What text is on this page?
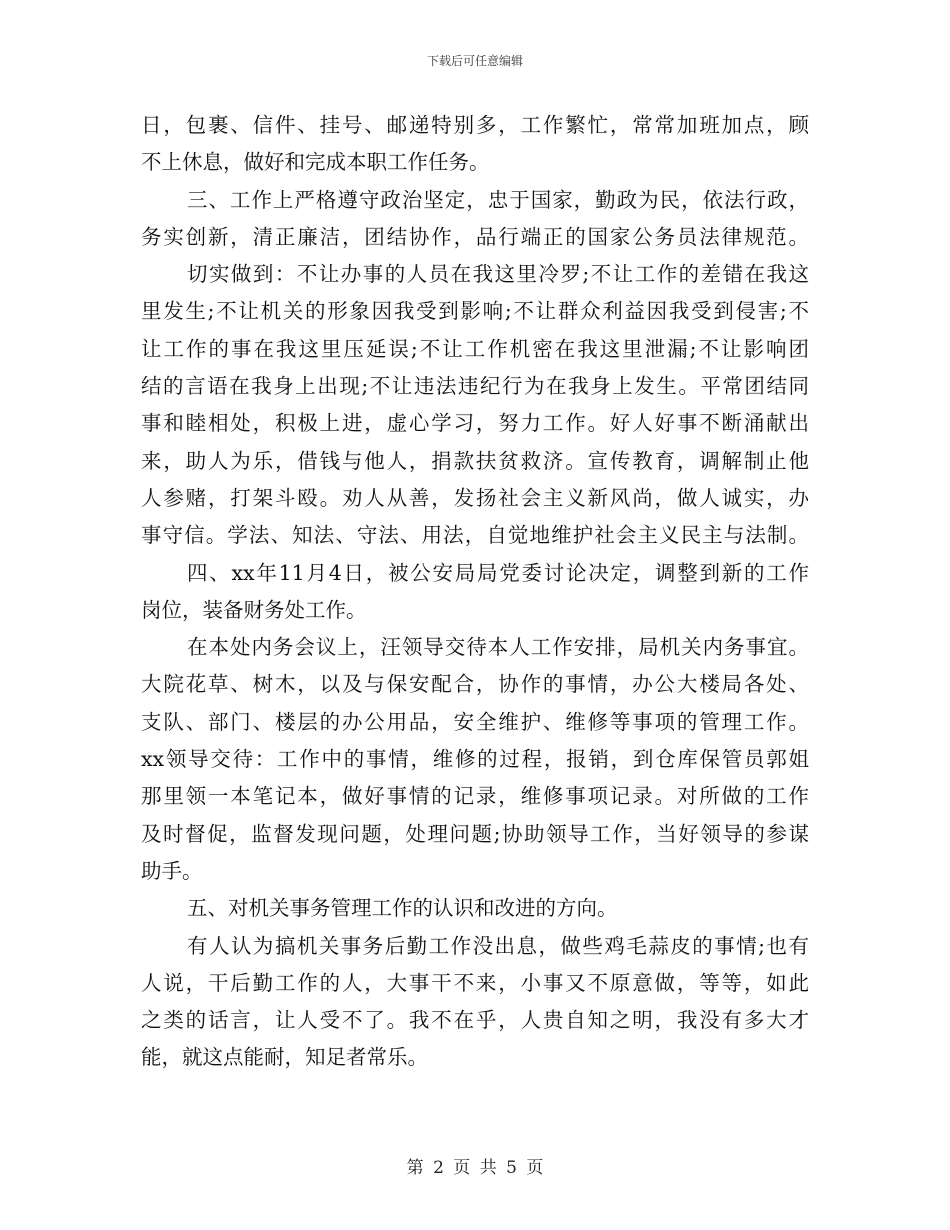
下载后可任意编辑
日，包裹、信件、挂号、邮递特别多，工作繁忙，常常加班加点，顾
不上休息，做好和完成本职工作任务。
三、工作上严格遵守政治坚定，忠于国家，勤政为民，依法行政，
务实创新，清正廉洁，团结协作，品行端正的国家公务员法律规范。
切实做到：不让办事的人员在我这里冷罗;不让工作的差错在我这
里发生;不让机关的形象因我受到影响;不让群众利益因我受到侵害;不
让工作的事在我这里压延误;不让工作机密在我这里泄漏;不让影响团
结的言语在我身上出现;不让违法违纪行为在我身上发生。平常团结同
事和睦相处，积极上进，虚心学习，努力工作。好人好事不断涌献出
来，助人为乐，借钱与他人，捐款扶贫救济。宣传教育，调解制止他
人参赌，打架斗殴。劝人从善，发扬社会主义新风尚，做人诚实，办
事守信。学法、知法、守法、用法，自觉地维护社会主义民主与法制。
四、xx年11月4日，被公安局局党委讨论决定，调整到新的工作
岗位，装备财务处工作。
在本处内务会议上，汪领导交待本人工作安排，局机关内务事宜。
大院花草、树木，以及与保安配合，协作的事情，办公大楼局各处、
支队、部门、楼层的办公用品，安全维护、维修等事项的管理工作。
xx领导交待：工作中的事情，维修的过程，报销，到仓库保管员郭姐
那里领一本笔记本，做好事情的记录，维修事项记录。对所做的工作
及时督促，监督发现问题，处理问题;协助领导工作，当好领导的参谋
助手。
五、对机关事务管理工作的认识和改进的方向。
有人认为搞机关事务后勤工作没出息，做些鸡毛蒜皮的事情;也有
人说，干后勤工作的人，大事干不来，小事又不原意做，等等，如此
之类的话言，让人受不了。我不在乎，人贵自知之明，我没有多大才
能，就这点能耐，知足者常乐。
第 2 页 共 5 页
